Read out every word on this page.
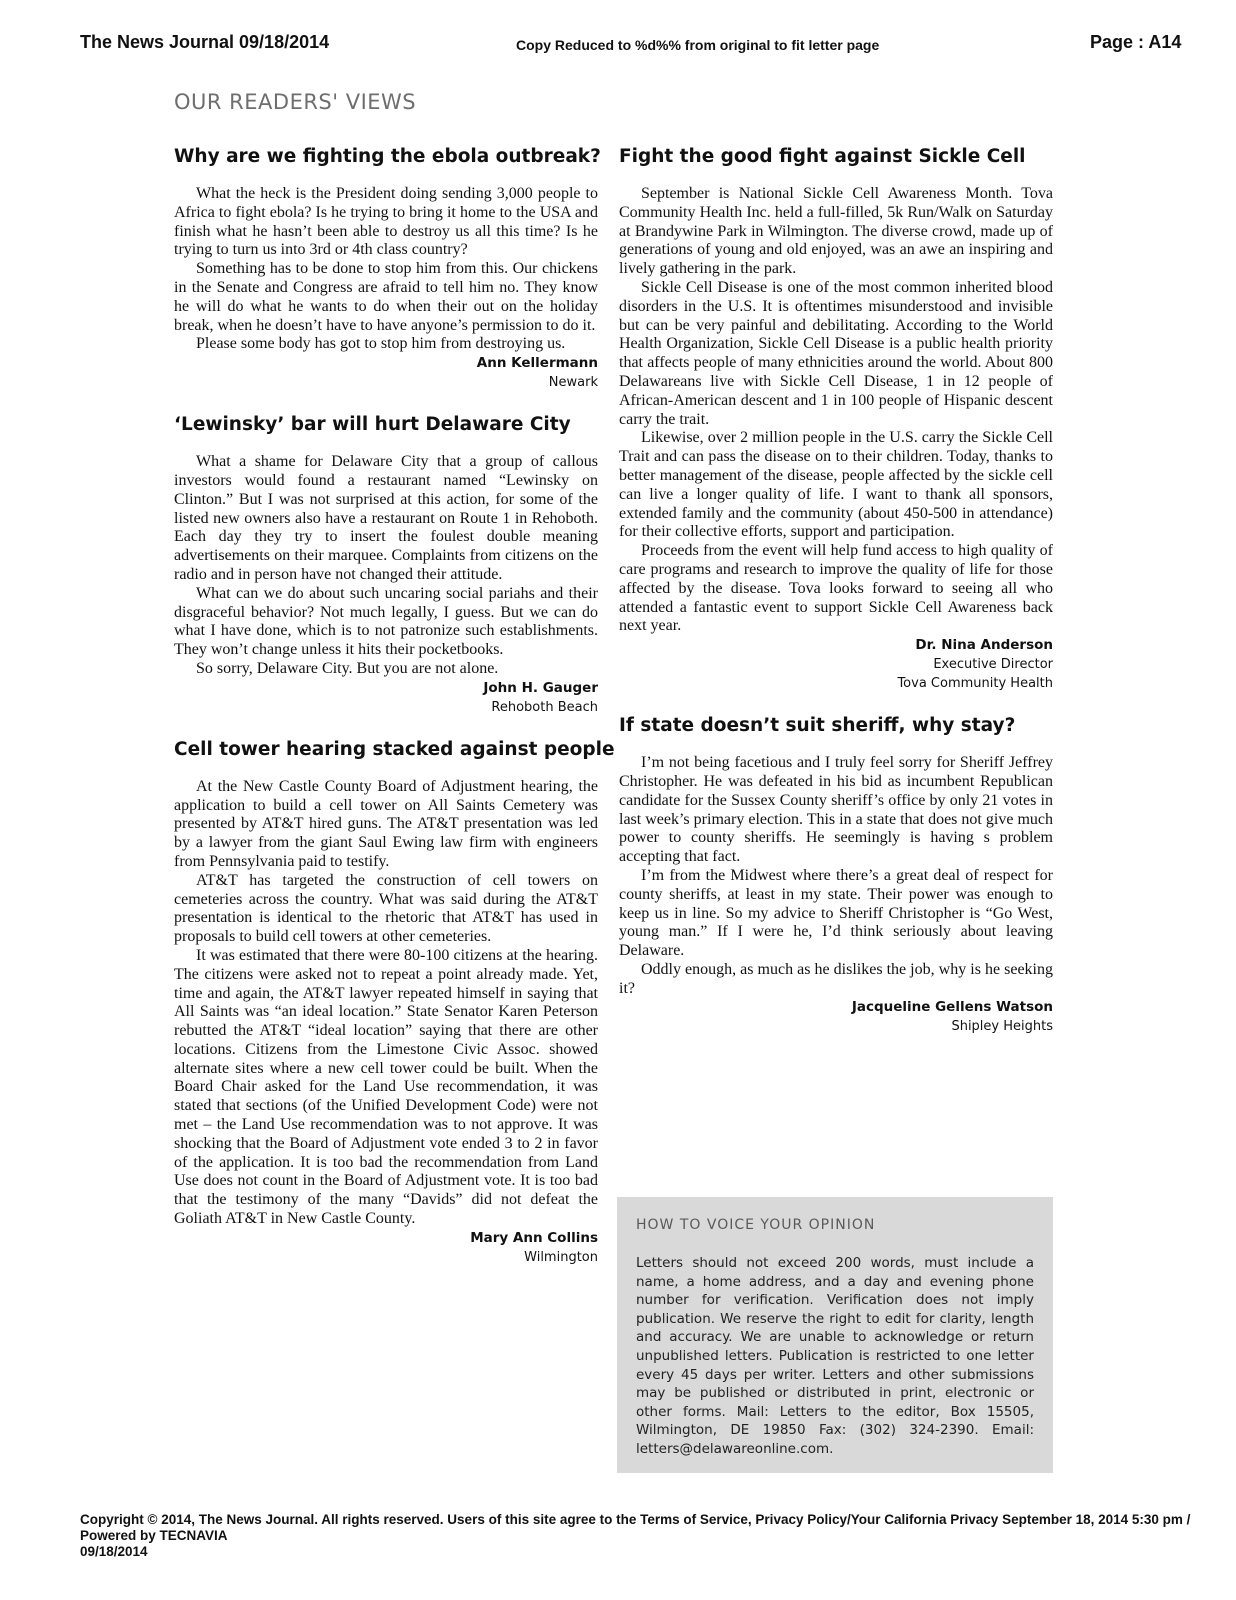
The News Journal 09/18/2014	Copy Reduced to %d%% from original to fit letter page	Page : A14
OUR READERS' VIEWS
Why are we fighting the ebola outbreak?

What the heck is the President doing sending 3,000 people to Africa to fight ebola? Is he trying to bring it home to the USA and finish what he hasn’t been able to destroy us all this time? Is he trying to turn us into 3rd or 4th class country?

Something has to be done to stop him from this. Our chickens in the Senate and Congress are afraid to tell him no. They know he will do what he wants to do when their out on the holiday break, when he doesn’t have to have anyone’s permission to do it.

Please some body has got to stop him from destroying us.

Ann Kellermann
Newark
‘Lewinsky’ bar will hurt Delaware City

What a shame for Delaware City that a group of callous investors would found a restaurant named “Lewinsky on Clinton.” But I was not surprised at this action, for some of the listed new owners also have a restaurant on Route 1 in Rehoboth. Each day they try to insert the foulest double meaning advertisements on their marquee. Complaints from citizens on the radio and in person have not changed their attitude.

What can we do about such uncaring social pariahs and their disgraceful behavior? Not much legally, I guess. But we can do what I have done, which is to not patronize such establishments. They won’t change unless it hits their pocketbooks.

So sorry, Delaware City. But you are not alone.

John H. Gauger
Rehoboth Beach
Cell tower hearing stacked against people

At the New Castle County Board of Adjustment hearing, the application to build a cell tower on All Saints Cemetery was presented by AT&T hired guns. The AT&T presentation was led by a lawyer from the giant Saul Ewing law firm with engineers from Pennsylvania paid to testify.

AT&T has targeted the construction of cell towers on cemeteries across the country. What was said during the AT&T presentation is identical to the rhetoric that AT&T has used in proposals to build cell towers at other cemeteries.

It was estimated that there were 80-100 citizens at the hearing. The citizens were asked not to repeat a point already made. Yet, time and again, the AT&T lawyer repeated himself in saying that All Saints was “an ideal location.” State Senator Karen Peterson rebutted the AT&T “ideal location” saying that there are other locations. Citizens from the Limestone Civic Assoc. showed alternate sites where a new cell tower could be built. When the Board Chair asked for the Land Use recommendation, it was stated that sections (of the Unified Development Code) were not met – the Land Use recommendation was to not approve. It was shocking that the Board of Adjustment vote ended 3 to 2 in favor of the application. It is too bad the recommendation from Land Use does not count in the Board of Adjustment vote. It is too bad that the testimony of the many “Davids” did not defeat the Goliath AT&T in New Castle County.

Mary Ann Collins
Wilmington
Fight the good fight against Sickle Cell

September is National Sickle Cell Awareness Month. Tova Community Health Inc. held a full-filled, 5k Run/Walk on Saturday at Brandywine Park in Wilmington. The diverse crowd, made up of generations of young and old enjoyed, was an awe an inspiring and lively gathering in the park.

Sickle Cell Disease is one of the most common inherited blood disorders in the U.S. It is oftentimes misunderstood and invisible but can be very painful and debilitating. According to the World Health Organization, Sickle Cell Disease is a public health priority that affects people of many ethnicities around the world. About 800 Delawareans live with Sickle Cell Disease, 1 in 12 people of African-American descent and 1 in 100 people of Hispanic descent carry the trait.

Likewise, over 2 million people in the U.S. carry the Sickle Cell Trait and can pass the disease on to their children. Today, thanks to better management of the disease, people affected by the sickle cell can live a longer quality of life. I want to thank all sponsors, extended family and the community (about 450-500 in attendance) for their collective efforts, support and participation.

Proceeds from the event will help fund access to high quality of care programs and research to improve the quality of life for those affected by the disease. Tova looks forward to seeing all who attended a fantastic event to support Sickle Cell Awareness back next year.

Dr. Nina Anderson
Executive Director
Tova Community Health
If state doesn’t suit sheriff, why stay?

I’m not being facetious and I truly feel sorry for Sheriff Jeffrey Christopher. He was defeated in his bid as incumbent Republican candidate for the Sussex County sheriff’s office by only 21 votes in last week’s primary election. This in a state that does not give much power to county sheriffs. He seemingly is having s problem accepting that fact.

I’m from the Midwest where there’s a great deal of respect for county sheriffs, at least in my state. Their power was enough to keep us in line. So my advice to Sheriff Christopher is “Go West, young man.” If I were he, I’d think seriously about leaving Delaware.

Oddly enough, as much as he dislikes the job, why is he seeking it?

Jacqueline Gellens Watson
Shipley Heights
HOW TO VOICE YOUR OPINION

Letters should not exceed 200 words, must include a name, a home address, and a day and evening phone number for verification. Verification does not imply publication. We reserve the right to edit for clarity, length and accuracy. We are unable to acknowledge or return unpublished letters. Publication is restricted to one letter every 45 days per writer. Letters and other submissions may be published or distributed in print, electronic or other forms. Mail: Letters to the editor, Box 15505, Wilmington, DE 19850 Fax: (302) 324-2390. Email: letters@delawareonline.com.

Copyright © 2014, The News Journal. All rights reserved. Users of this site agree to the Terms of Service, Privacy Policy/Your California Privacy September 18, 2014 5:30 pm / Powered by TECNAVIA
09/18/2014
